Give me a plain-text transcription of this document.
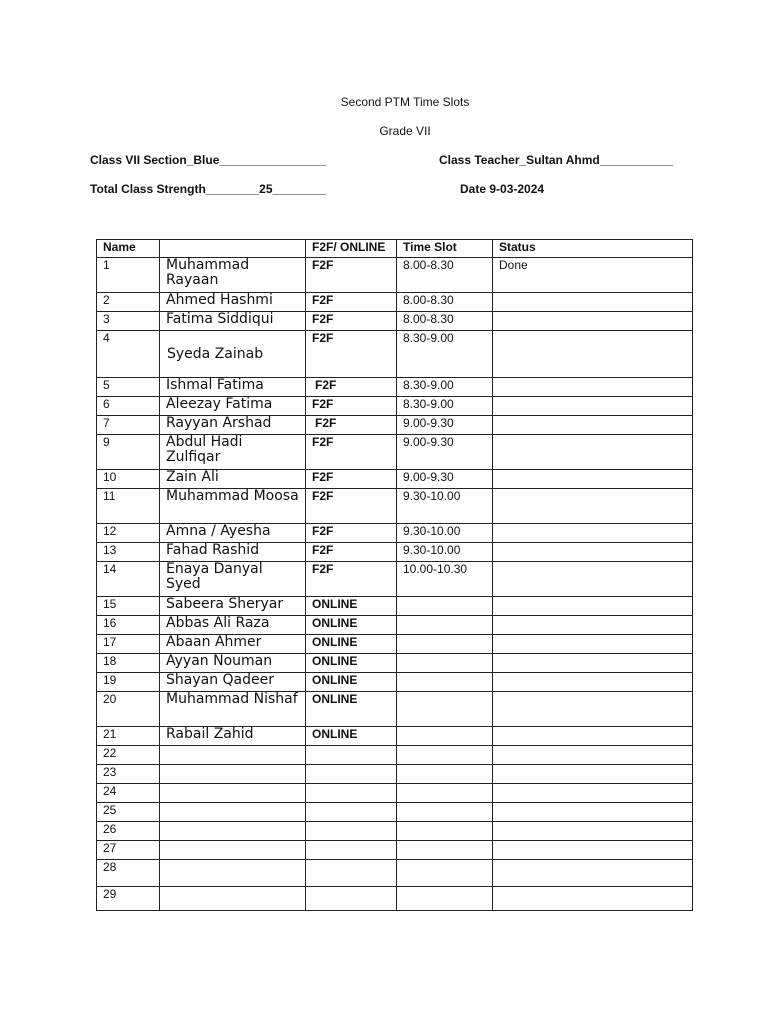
Second PTM Time Slots
Grade VII
Class VII Section_Blue________________	Class Teacher_Sultan Ahmd___________
Total Class Strength________25________	Date 9-03-2024
Name		F2F/ ONLINE	Time Slot	Status
1	Muhammad Rayaan	F2F	8.00-8.30	Done
2	Ahmed Hashmi	F2F	8.00-8.30	
3	Fatima Siddiqui	F2F	8.00-8.30	
4	Syeda Zainab	F2F	8.30-9.00	
5	Ishmal Fatima	F2F	8.30-9.00	
6	Aleezay Fatima	F2F	8.30-9.00	
7	Rayyan Arshad	F2F	9.00-9.30	
9	Abdul Hadi Zulfiqar	F2F	9.00-9.30	
10	Zain Ali	F2F	9.00-9.30	
11	Muhammad Moosa	F2F	9.30-10.00	
12	Amna / Ayesha	F2F	9.30-10.00	
13	Fahad Rashid	F2F	9.30-10.00	
14	Enaya Danyal Syed	F2F	10.00-10.30	
15	Sabeera Sheryar	ONLINE		
16	Abbas Ali Raza	ONLINE		
17	Abaan Ahmer	ONLINE		
18	Ayyan Nouman	ONLINE		
19	Shayan Qadeer	ONLINE		
20	Muhammad Nishaf	ONLINE		
21	Rabail Zahid	ONLINE		
22				
23				
24				
25				
26				
27				
28				
29				
